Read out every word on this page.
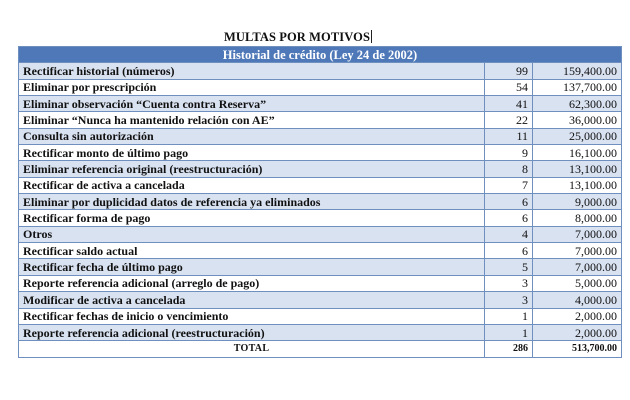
MULTAS POR MOTIVOS
Historial de crédito (Ley 24 de 2002)		
Rectificar historial (números)	99	159,400.00
Eliminar por prescripción	54	137,700.00
Eliminar observación “Cuenta contra Reserva”	41	62,300.00
Eliminar “Nunca ha mantenido relación con AE”	22	36,000.00
Consulta sin autorización	11	25,000.00
Rectificar monto de último pago	9	16,100.00
Eliminar referencia original (reestructuración)	8	13,100.00
Rectificar de activa a cancelada	7	13,100.00
Eliminar por duplicidad datos de referencia ya eliminados	6	9,000.00
Rectificar forma de pago	6	8,000.00
Otros	4	7,000.00
Rectificar saldo actual	6	7,000.00
Rectificar fecha de último pago	5	7,000.00
Reporte referencia adicional (arreglo de pago)	3	5,000.00
Modificar de activa a cancelada	3	4,000.00
Rectificar fechas de inicio o vencimiento	1	2,000.00
Reporte referencia adicional (reestructuración)	1	2,000.00
TOTAL	286	513,700.00
